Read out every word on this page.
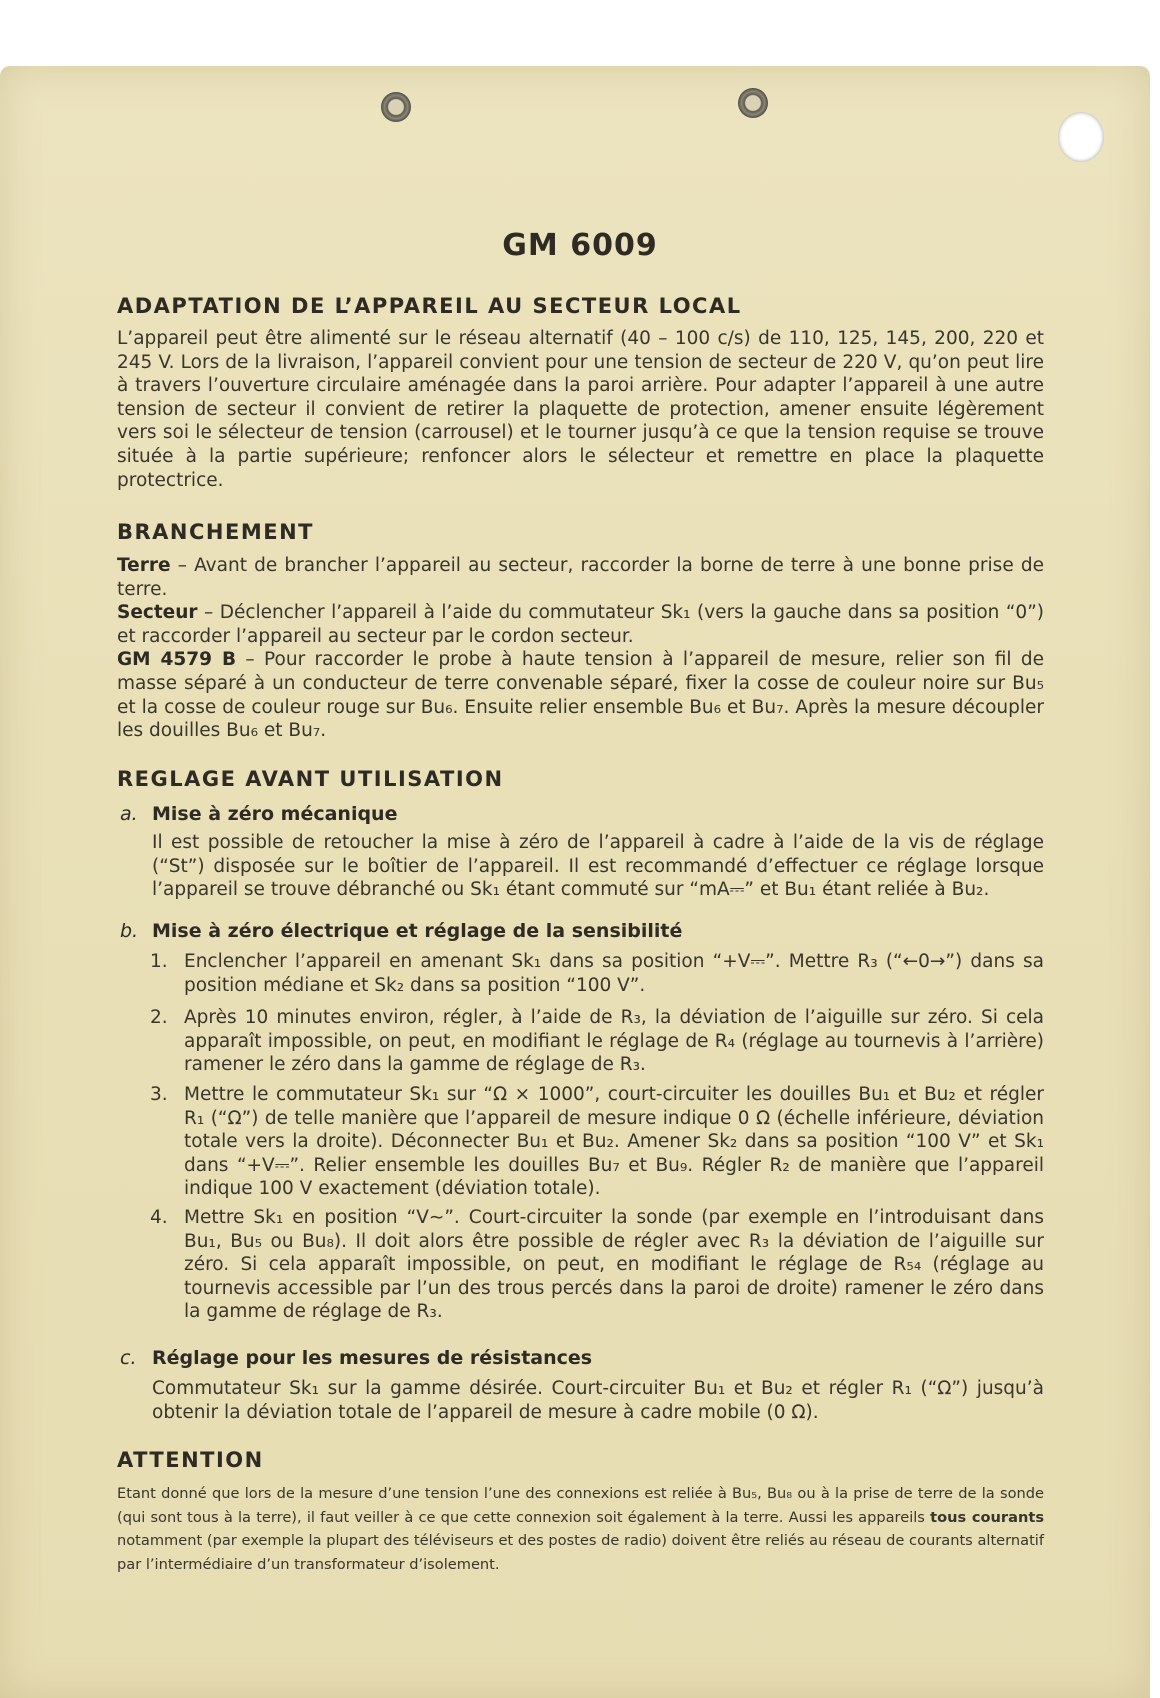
GM 6009
ADAPTATION DE L’APPAREIL AU SECTEUR LOCAL

L’appareil peut être alimenté sur le réseau alternatif (40 – 100 c/s) de 110, 125, 145, 200, 220 et 245 V. Lors de la livraison, l’appareil convient pour une tension de secteur de 220 V, qu’on peut lire à travers l’ouverture circulaire aménagée dans la paroi arrière. Pour adapter l’appareil à une autre tension de secteur il convient de retirer la plaquette de protection, amener ensuite légèrement vers soi le sélecteur de tension (carrousel) et le tourner jusqu’à ce que la tension requise se trouve située à la partie supérieure; renfoncer alors le sélecteur et remettre en place la plaquette protectrice.

BRANCHEMENT

Terre – Avant de brancher l’appareil au secteur, raccorder la borne de terre à une bonne prise de terre.
Secteur – Déclencher l’appareil à l’aide du commutateur Sk₁ (vers la gauche dans sa position “0”) et raccorder l’appareil au secteur par le cordon secteur.
GM 4579 B – Pour raccorder le probe à haute tension à l’appareil de mesure, relier son fil de masse séparé à un conducteur de terre convenable séparé, fixer la cosse de couleur noire sur Bu₅ et la cosse de couleur rouge sur Bu₆. Ensuite relier ensemble Bu₆ et Bu₇. Après la mesure découpler les douilles Bu₆ et Bu₇.

REGLAGE AVANT UTILISATION
a. Mise à zéro mécanique

Il est possible de retoucher la mise à zéro de l’appareil à cadre à l’aide de la vis de réglage (“St”) disposée sur le boîtier de l’appareil. Il est recommandé d’effectuer ce réglage lorsque l’appareil se trouve débranché ou Sk₁ étant commuté sur “mA⎓” et Bu₁ étant reliée à Bu₂.

b. Mise à zéro électrique et réglage de la sensibilité
1. Enclencher l’appareil en amenant Sk₁ dans sa position “+V⎓”. Mettre R₃ (“←0→”) dans sa position médiane et Sk₂ dans sa position “100 V”.
2. Après 10 minutes environ, régler, à l’aide de R₃, la déviation de l’aiguille sur zéro. Si cela apparaît impossible, on peut, en modifiant le réglage de R₄ (réglage au tournevis à l’arrière) ramener le zéro dans la gamme de réglage de R₃.
3. Mettre le commutateur Sk₁ sur “Ω × 1000”, court-circuiter les douilles Bu₁ et Bu₂ et régler R₁ (“Ω”) de telle manière que l’appareil de mesure indique 0 Ω (échelle inférieure, déviation totale vers la droite). Déconnecter Bu₁ et Bu₂. Amener Sk₂ dans sa position “100 V” et Sk₁ dans “+V⎓”. Relier ensemble les douilles Bu₇ et Bu₉. Régler R₂ de manière que l’appareil indique 100 V exactement (déviation totale).
4. Mettre Sk₁ en position “V∼”. Court-circuiter la sonde (par exemple en l’introduisant dans Bu₁, Bu₅ ou Bu₈). Il doit alors être possible de régler avec R₃ la déviation de l’aiguille sur zéro. Si cela apparaît impossible, on peut, en modifiant le réglage de R₅₄ (réglage au tournevis accessible par l’un des trous percés dans la paroi de droite) ramener le zéro dans la gamme de réglage de R₃.
c. Réglage pour les mesures de résistances

Commutateur Sk₁ sur la gamme désirée. Court-circuiter Bu₁ et Bu₂ et régler R₁ (“Ω”) jusqu’à obtenir la déviation totale de l’appareil de mesure à cadre mobile (0 Ω).

ATTENTION

Etant donné que lors de la mesure d’une tension l’une des connexions est reliée à Bu₅, Bu₈ ou à la prise de terre de la sonde (qui sont tous à la terre), il faut veiller à ce que cette connexion soit également à la terre. Aussi les appareils tous courants notamment (par exemple la plupart des téléviseurs et des postes de radio) doivent être reliés au réseau de courants alternatif par l’intermédiaire d’un transformateur d’isolement.
